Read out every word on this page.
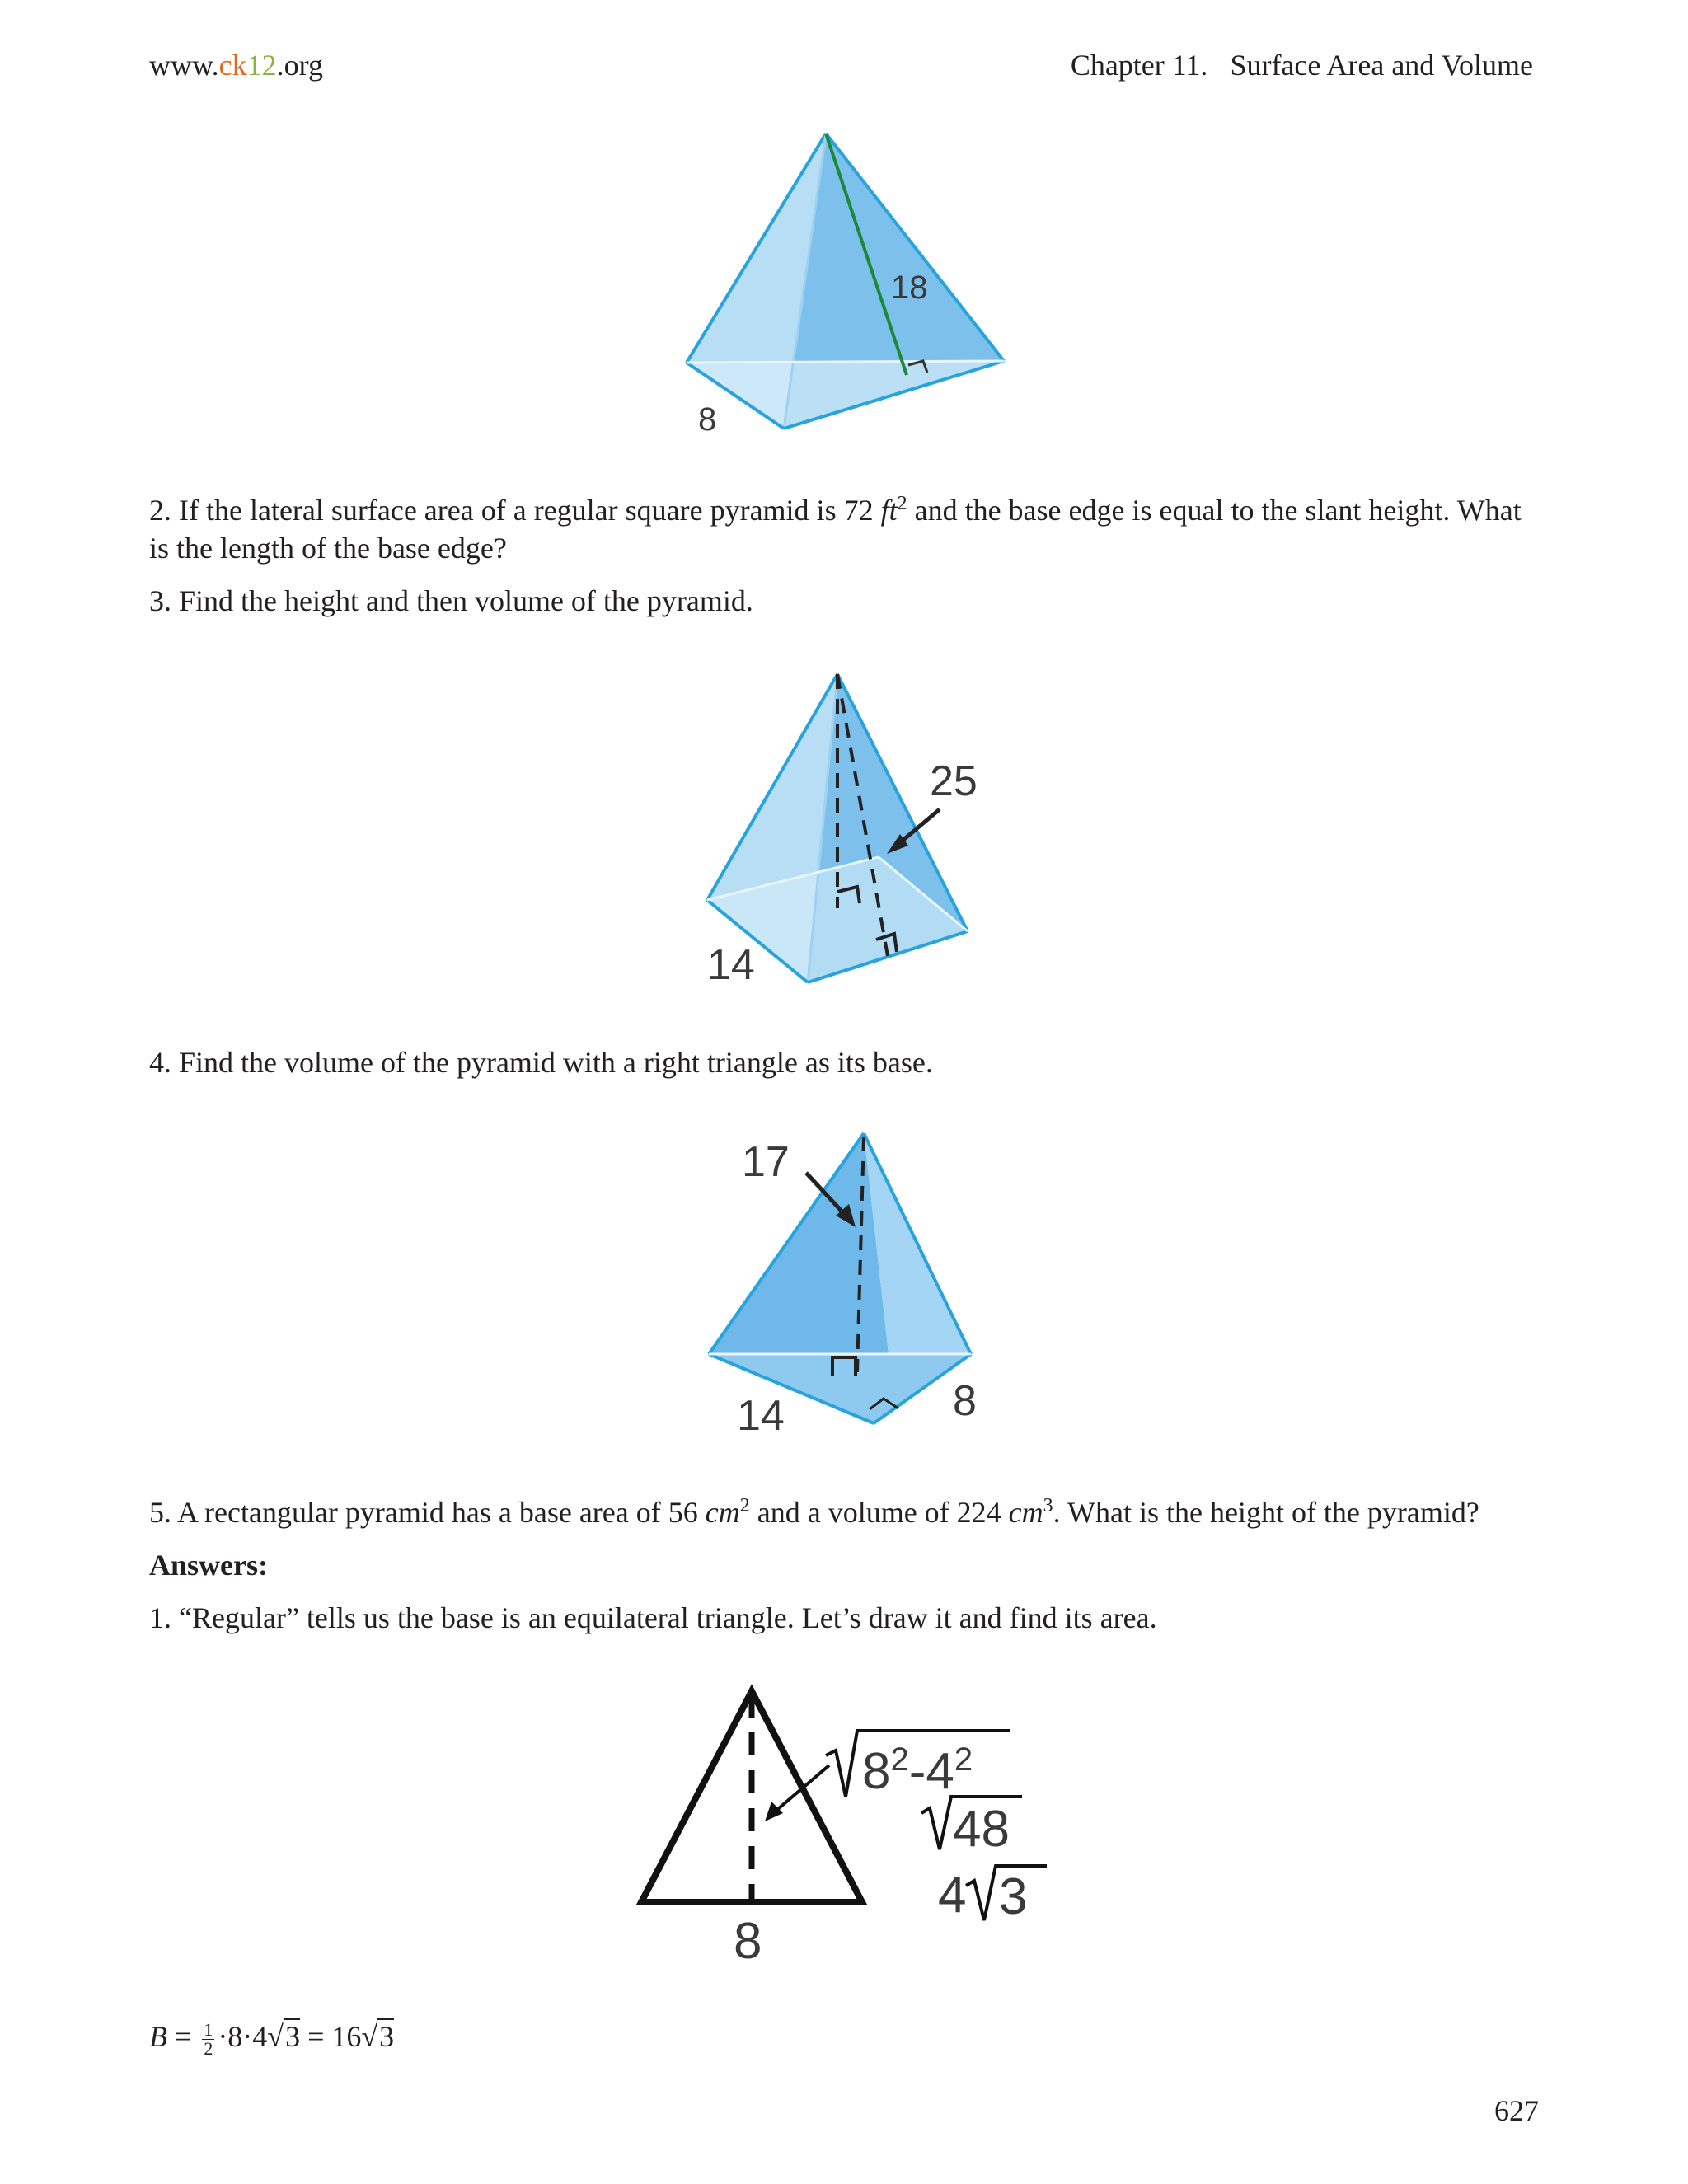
www.ck12.org	Chapter 11. Surface Area and Volume
18
8
2. If the lateral surface area of a regular square pyramid is 72 $ft^2$ and the base edge is equal to the slant height. What is the length of the base edge?
3. Find the height and then volume of the pyramid.
25
14
4. Find the volume of the pyramid with a right triangle as its base.
17
14	8
5. A rectangular pyramid has a base area of 56 $cm^2$ and a volume of 224 $cm^3$. What is the height of the pyramid?
Answers:
1. “Regular” tells us the base is an equilateral triangle. Let’s draw it and find its area.
$8^2-4^2$
48
4 3
8
$B = \frac{1}{2} \cdot 8\cdot 4√3 = 16√3$
627
